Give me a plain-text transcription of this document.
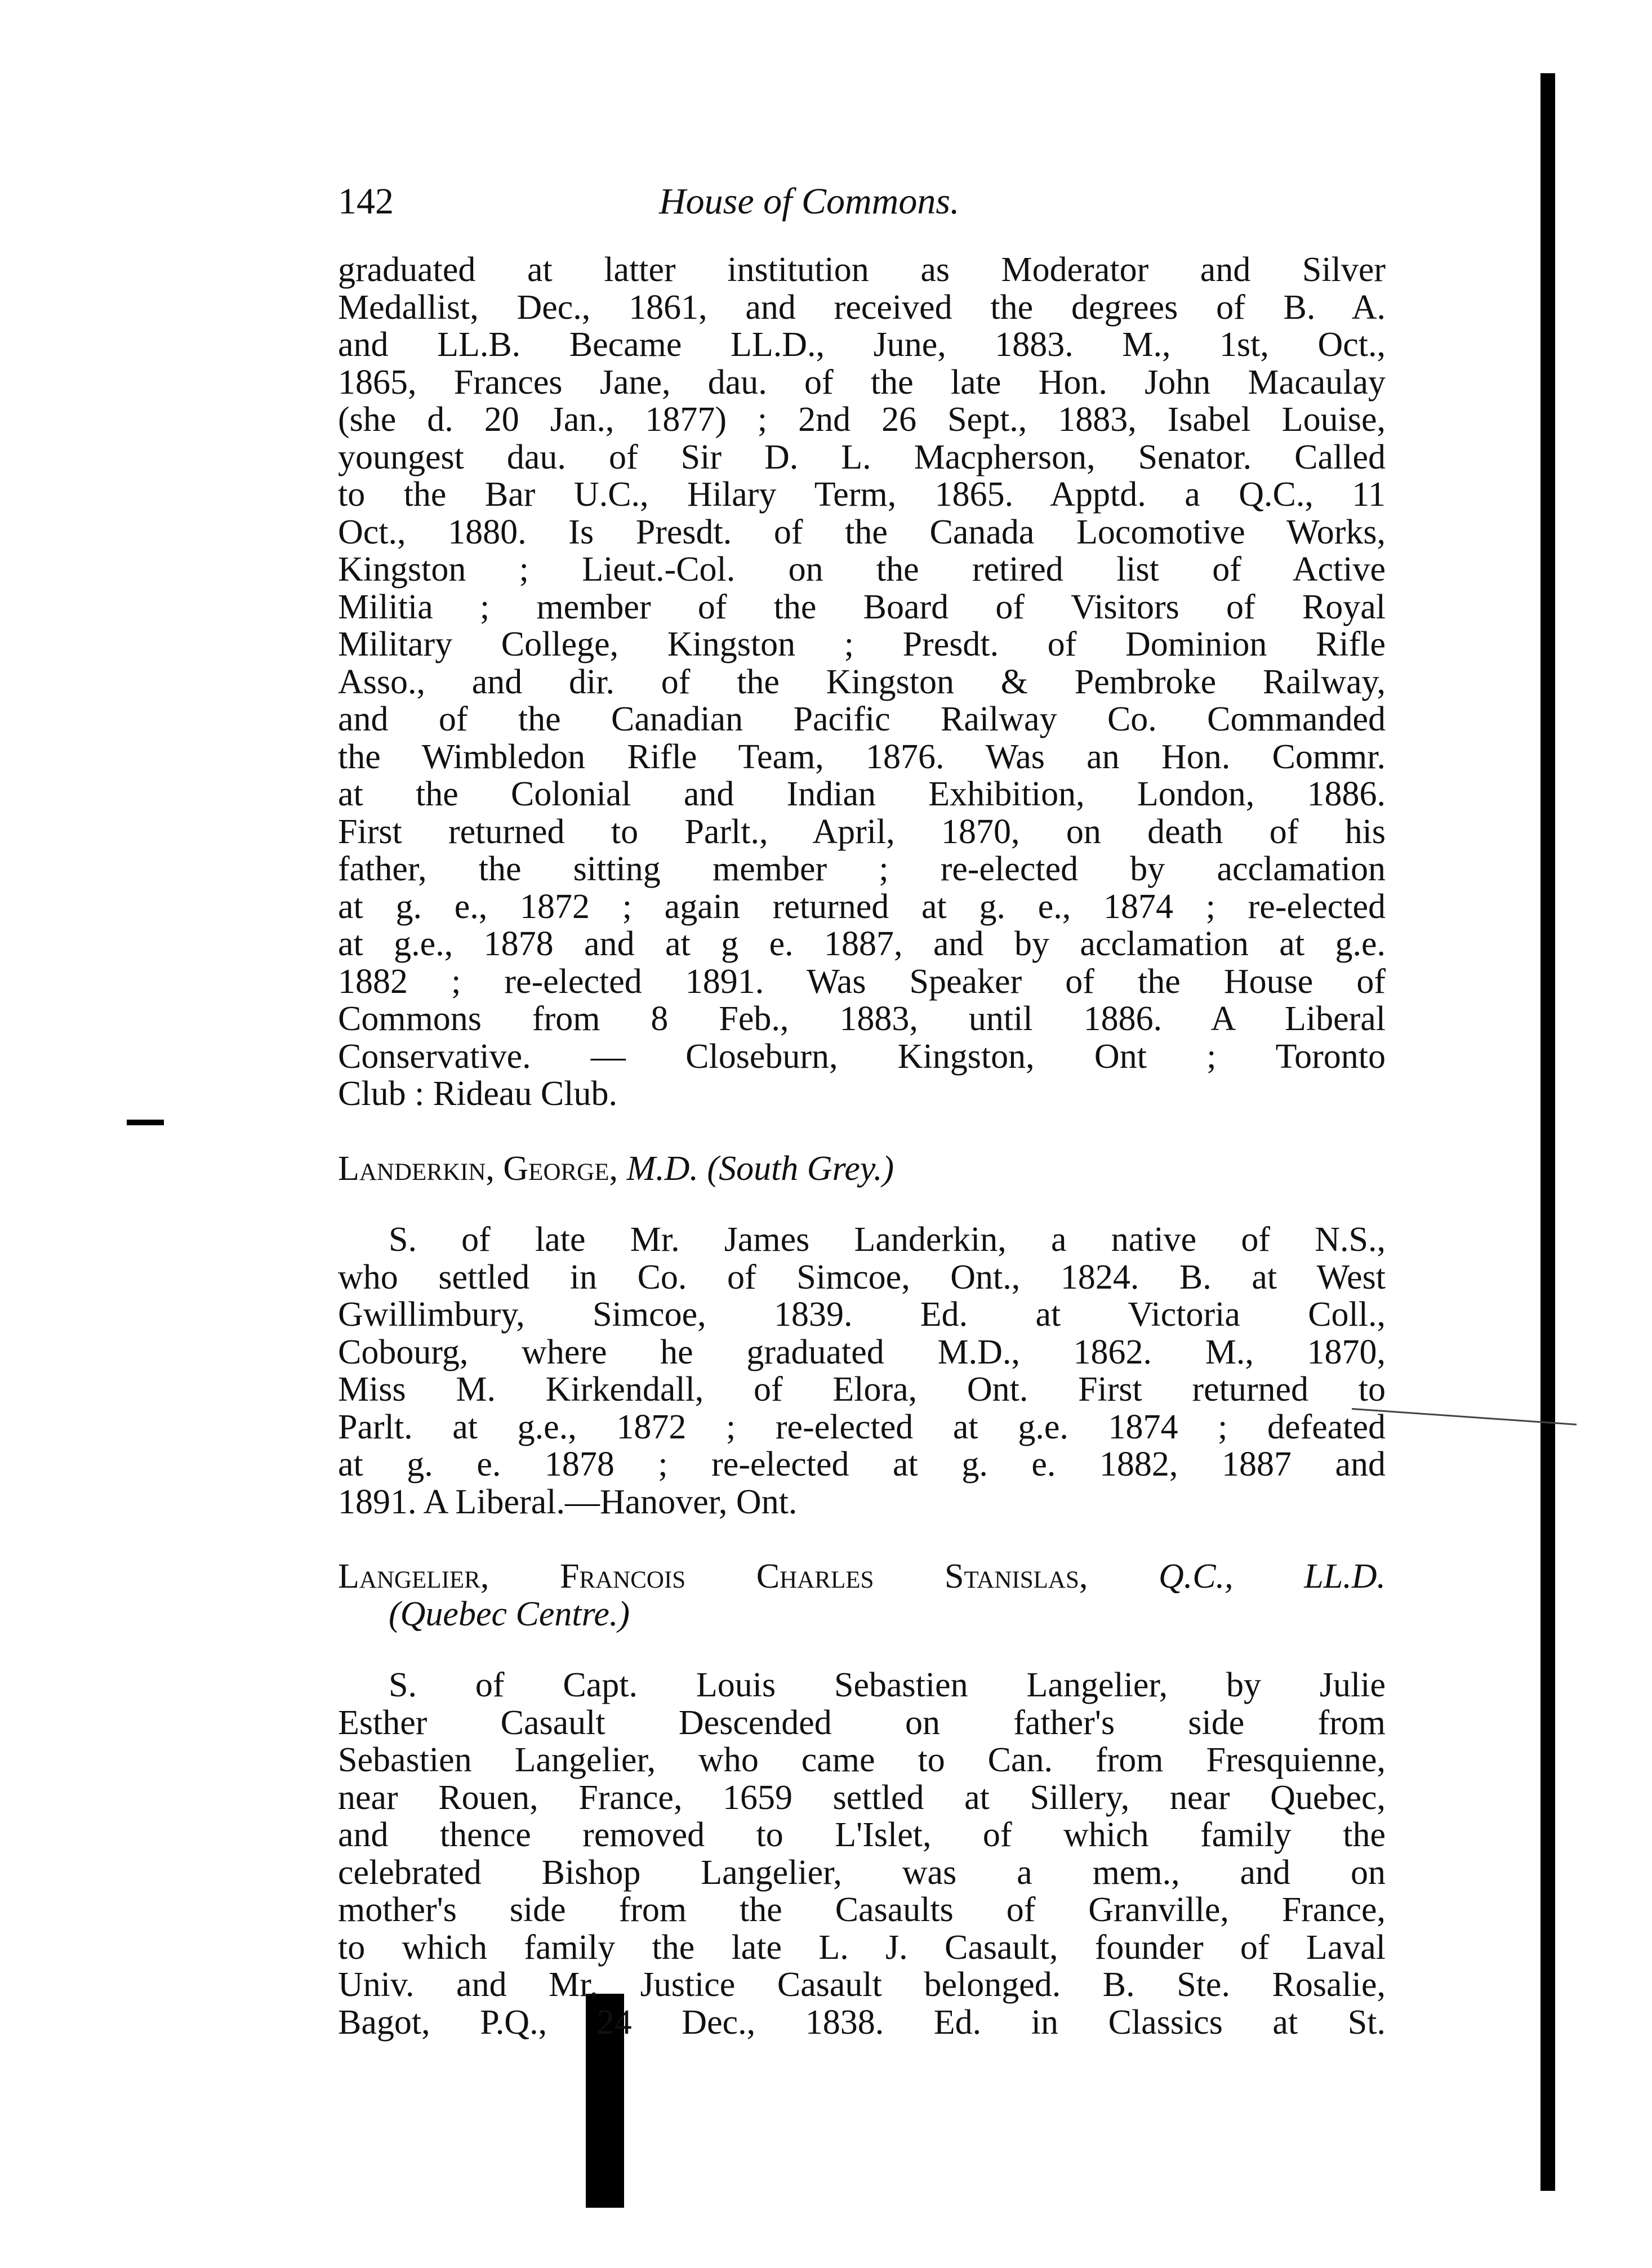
142	House of Commons.
graduated at latter institution as Moderator and Silver
Medallist, Dec., 1861, and received the degrees of B. A.
and LL.B. Became LL.D., June, 1883. M., 1st, Oct.,
1865, Frances Jane, dau. of the late Hon. John Macaulay
(she d. 20 Jan., 1877) ; 2nd 26 Sept., 1883, Isabel Louise,
youngest dau. of Sir D. L. Macpherson, Senator. Called
to the Bar U.C., Hilary Term, 1865. Apptd. a Q.C., 11
Oct., 1880. Is Presdt. of the Canada Locomotive Works,
Kingston ; Lieut.-Col. on the retired list of Active
Militia ; member of the Board of Visitors of Royal
Military College, Kingston ; Presdt. of Dominion Rifle
Asso., and dir. of the Kingston & Pembroke Railway,
and of the Canadian Pacific Railway Co. Commanded
the Wimbledon Rifle Team, 1876. Was an Hon. Commr.
at the Colonial and Indian Exhibition, London, 1886.
First returned to Parlt., April, 1870, on death of his
father, the sitting member ; re-elected by acclamation
at g. e., 1872 ; again returned at g. e., 1874 ; re-elected
at g.e., 1878 and at g e. 1887, and by acclamation at g.e.
1882 ; re-elected 1891. Was Speaker of the House of
Commons from 8 Feb., 1883, until 1886. A Liberal
Conservative. — Closeburn, Kingston, Ont ; Toronto
Club : Rideau Club.
Landerkin, George, M.D. (South Grey.)
S. of late Mr. James Landerkin, a native of N.S.,
who settled in Co. of Simcoe, Ont., 1824. B. at West
Gwillimbury, Simcoe, 1839. Ed. at Victoria Coll.,
Cobourg, where he graduated M.D., 1862. M., 1870,
Miss M. Kirkendall, of Elora, Ont. First returned to
Parlt. at g.e., 1872 ; re-elected at g.e. 1874 ; defeated
at g. e. 1878 ; re-elected at g. e. 1882, 1887 and
1891. A Liberal.—Hanover, Ont.
Langelier, Francois Charles Stanislas, Q.C., LL.D.
(Quebec Centre.)
S. of Capt. Louis Sebastien Langelier, by Julie
Esther Casault Descended on father's side from
Sebastien Langelier, who came to Can. from Fresquienne,
near Rouen, France, 1659 settled at Sillery, near Quebec,
and thence removed to L'Islet, of which family the
celebrated Bishop Langelier, was a mem., and on
mother's side from the Casaults of Granville, France,
to which family the late L. J. Casault, founder of Laval
Univ. and Mr. Justice Casault belonged. B. Ste. Rosalie,
Bagot, P.Q., 24 Dec., 1838. Ed. in Classics at St.
